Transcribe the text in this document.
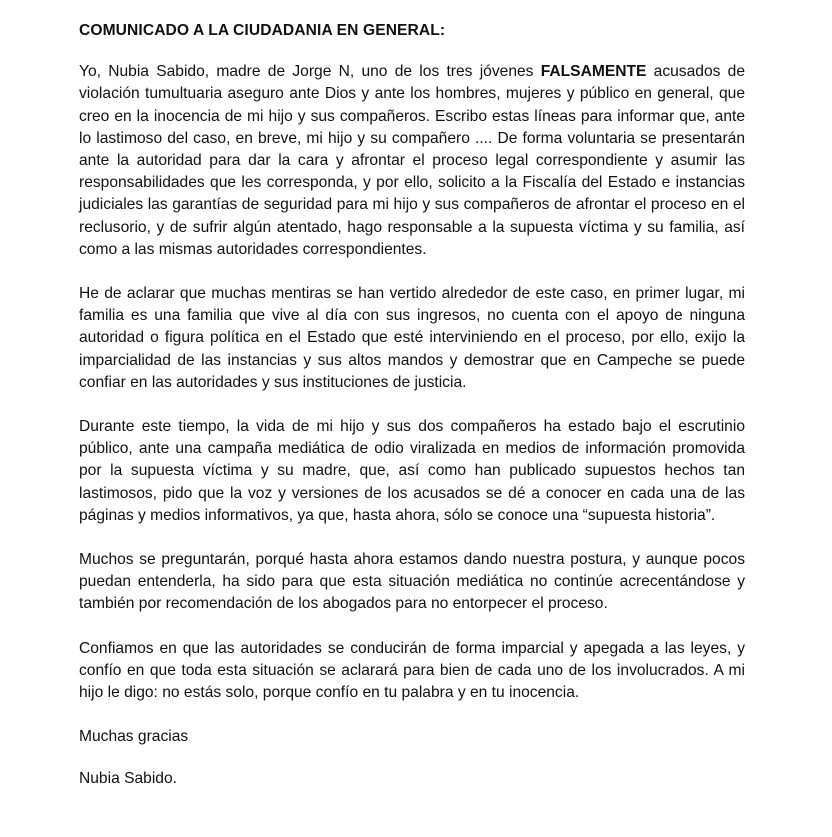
COMUNICADO A LA CIUDADANIA EN GENERAL:

Yo, Nubia Sabido, madre de Jorge N, uno de los tres jóvenes FALSAMENTE acusados de violación tumultuaria aseguro ante Dios y ante los hombres, mujeres y público en general, que creo en la inocencia de mi hijo y sus compañeros. Escribo estas líneas para informar que, ante lo lastimoso del caso, en breve, mi hijo y su compañero .... De forma voluntaria se presentarán ante la autoridad para dar la cara y afrontar el proceso legal correspondiente y asumir las responsabilidades que les corresponda, y por ello, solicito a la Fiscalía del Estado e instancias judiciales las garantías de seguridad para mi hijo y sus compañeros de afrontar el proceso en el reclusorio, y de sufrir algún atentado, hago responsable a la supuesta víctima y su familia, así como a las mismas autoridades correspondientes.

He de aclarar que muchas mentiras se han vertido alrededor de este caso, en primer lugar, mi familia es una familia que vive al día con sus ingresos, no cuenta con el apoyo de ninguna autoridad o figura política en el Estado que esté interviniendo en el proceso, por ello, exijo la imparcialidad de las instancias y sus altos mandos y demostrar que en Campeche se puede confiar en las autoridades y sus instituciones de justicia.

Durante este tiempo, la vida de mi hijo y sus dos compañeros ha estado bajo el escrutinio público, ante una campaña mediática de odio viralizada en medios de información promovida por la supuesta víctima y su madre, que, así como han publicado supuestos hechos tan lastimosos, pido que la voz y versiones de los acusados se dé a conocer en cada una de las páginas y medios informativos, ya que, hasta ahora, sólo se conoce una “supuesta historia”.

Muchos se preguntarán, porqué hasta ahora estamos dando nuestra postura, y aunque pocos puedan entenderla, ha sido para que esta situación mediática no continúe acrecentándose y también por recomendación de los abogados para no entorpecer el proceso.

Confiamos en que las autoridades se conducirán de forma imparcial y apegada a las leyes, y confío en que toda esta situación se aclarará para bien de cada uno de los involucrados. A mi hijo le digo: no estás solo, porque confío en tu palabra y en tu inocencia.

Muchas gracias
Nubia Sabido.
